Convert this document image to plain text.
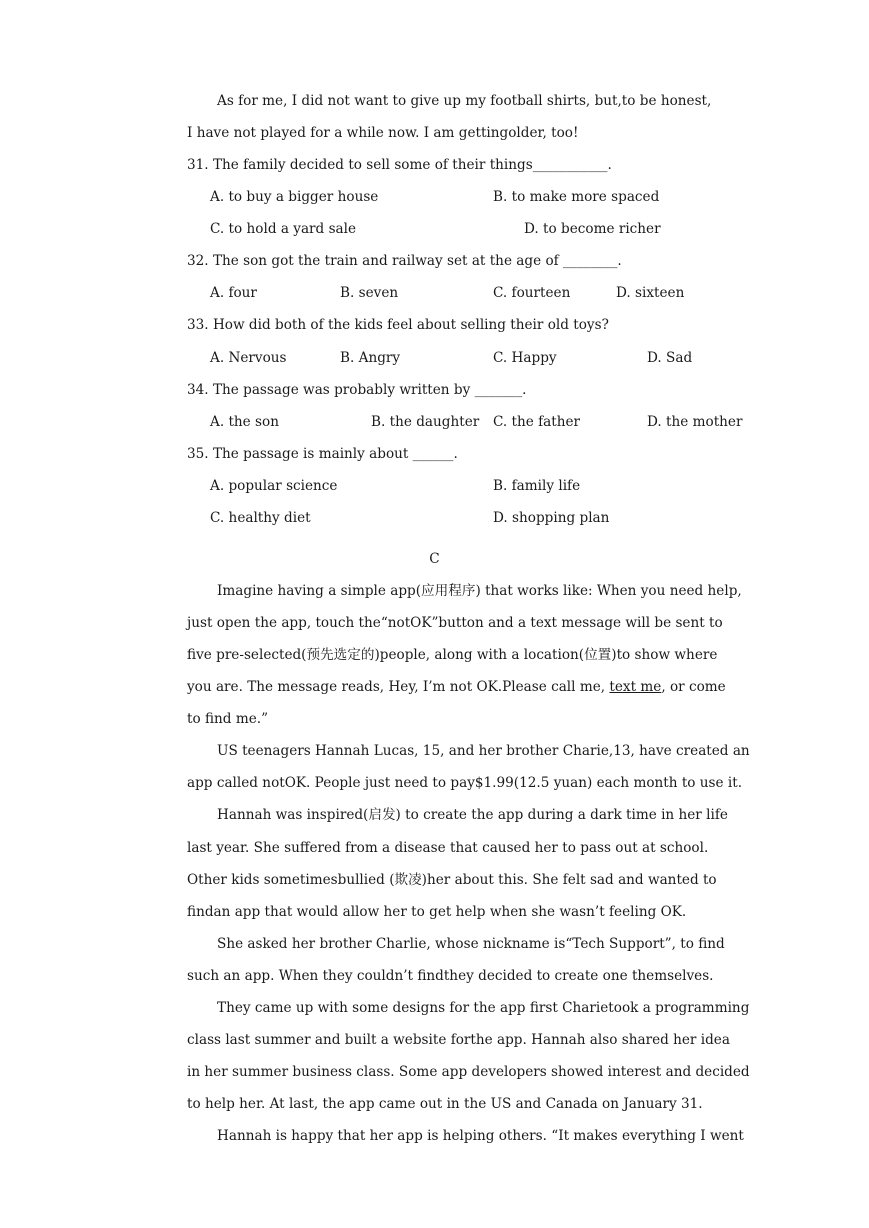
As for me, I did not want to give up my football shirts, but,to be honest,
I have not played for a while now. I am gettingolder, too!
31. The family decided to sell some of their things___________.
A. to buy a bigger house	B. to make more spaced
C. to hold a yard sale	D. to become richer
32. The son got the train and railway set at the age of ________.
A. four	B. seven	C. fourteen	D. sixteen
33. How did both of the kids feel about selling their old toys?
A. Nervous	B. Angry	C. Happy	D. Sad
34. The passage was probably written by _______.
A. the son	B. the daughter C. the father	D. the mother
35. The passage is mainly about ______.
A. popular science	B. family life
C. healthy diet	D. shopping plan
C
Imagine having a simple app(应用程序) that works like: When you need help,
just open the app, touch the“notOK”button and a text message will be sent to
five pre-selected(预先选定的)people, along with a location(位置)to show where
you are. The message reads, Hey, I’m not OK.Please call me, text me, or come
to find me.”
US teenagers Hannah Lucas, 15, and her brother Charie,13, have created an
app called notOK. People just need to pay$1.99(12.5 yuan) each month to use it.
Hannah was inspired(启发) to create the app during a dark time in her life
last year. She suffered from a disease that caused her to pass out at school.
Other kids sometimesbullied (欺凌)her about this. She felt sad and wanted to
findan app that would allow her to get help when she wasn’t feeling OK.
She asked her brother Charlie, whose nickname is“Tech Support”, to find
such an app. When they couldn’t findthey decided to create one themselves.
They came up with some designs for the app first Charietook a programming
class last summer and built a website forthe app. Hannah also shared her idea
in her summer business class. Some app developers showed interest and decided
to help her. At last, the app came out in the US and Canada on January 31.
Hannah is happy that her app is helping others. “It makes everything I went
